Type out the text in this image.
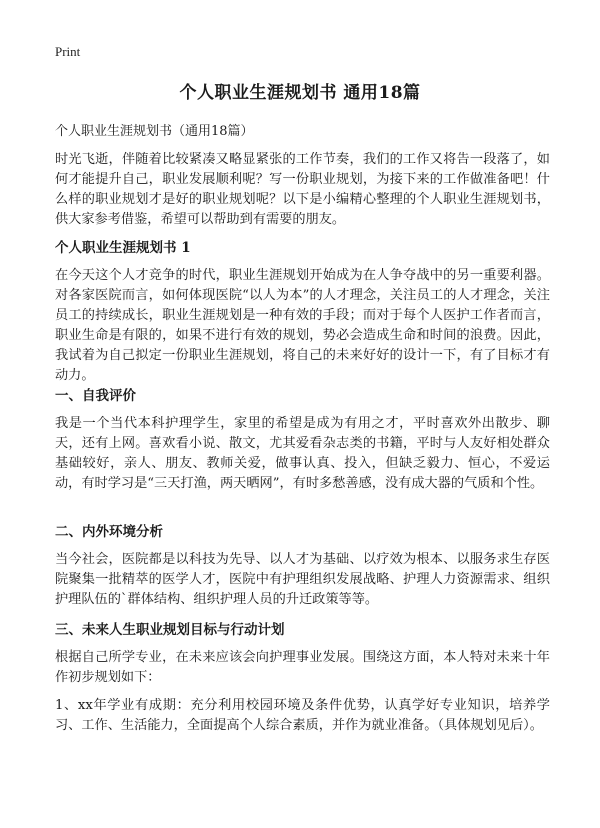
Print
个人职业生涯规划书 通用18篇

个人职业生涯规划书（通用18篇）

时光飞逝，伴随着比较紧凑又略显紧张的工作节奏，我们的工作又将告一段落了，如何才能提升自己，职业发展顺利呢？写一份职业规划，为接下来的工作做准备吧！什么样的职业规划才是好的职业规划呢？以下是小编精心整理的个人职业生涯规划书，供大家参考借鉴，希望可以帮助到有需要的朋友。

个人职业生涯规划书 1

在今天这个人才竞争的时代，职业生涯规划开始成为在人争夺战中的另一重要利器。对各家医院而言，如何体现医院“以人为本”的人才理念，关注员工的人才理念，关注员工的持续成长，职业生涯规划是一种有效的手段；而对于每个人医护工作者而言，职业生命是有限的，如果不进行有效的规划，势必会造成生命和时间的浪费。因此，我试着为自己拟定一份职业生涯规划，将自己的未来好好的设计一下，有了目标才有动力。

一、自我评价

我是一个当代本科护理学生，家里的希望是成为有用之才，平时喜欢外出散步、聊天，还有上网。喜欢看小说、散文，尤其爱看杂志类的书籍，平时与人友好相处群众基础较好，亲人、朋友、教师关爱，做事认真、投入，但缺乏毅力、恒心，不爱运动，有时学习是“三天打渔，两天晒网”，有时多愁善感，没有成大器的气质和个性。

二、内外环境分析

当今社会，医院都是以科技为先导、以人才为基础、以疗效为根本、以服务求生存医院聚集一批精萃的医学人才，医院中有护理组织发展战略、护理人力资源需求、组织护理队伍的`群体结构、组织护理人员的升迁政策等等。

三、未来人生职业规划目标与行动计划

根据自己所学专业，在未来应该会向护理事业发展。围绕这方面，本人特对未来十年作初步规划如下：

1、xx年学业有成期：充分利用校园环境及条件优势，认真学好专业知识，培养学习、工作、生活能力，全面提高个人综合素质，并作为就业准备。（具体规划见后）。
